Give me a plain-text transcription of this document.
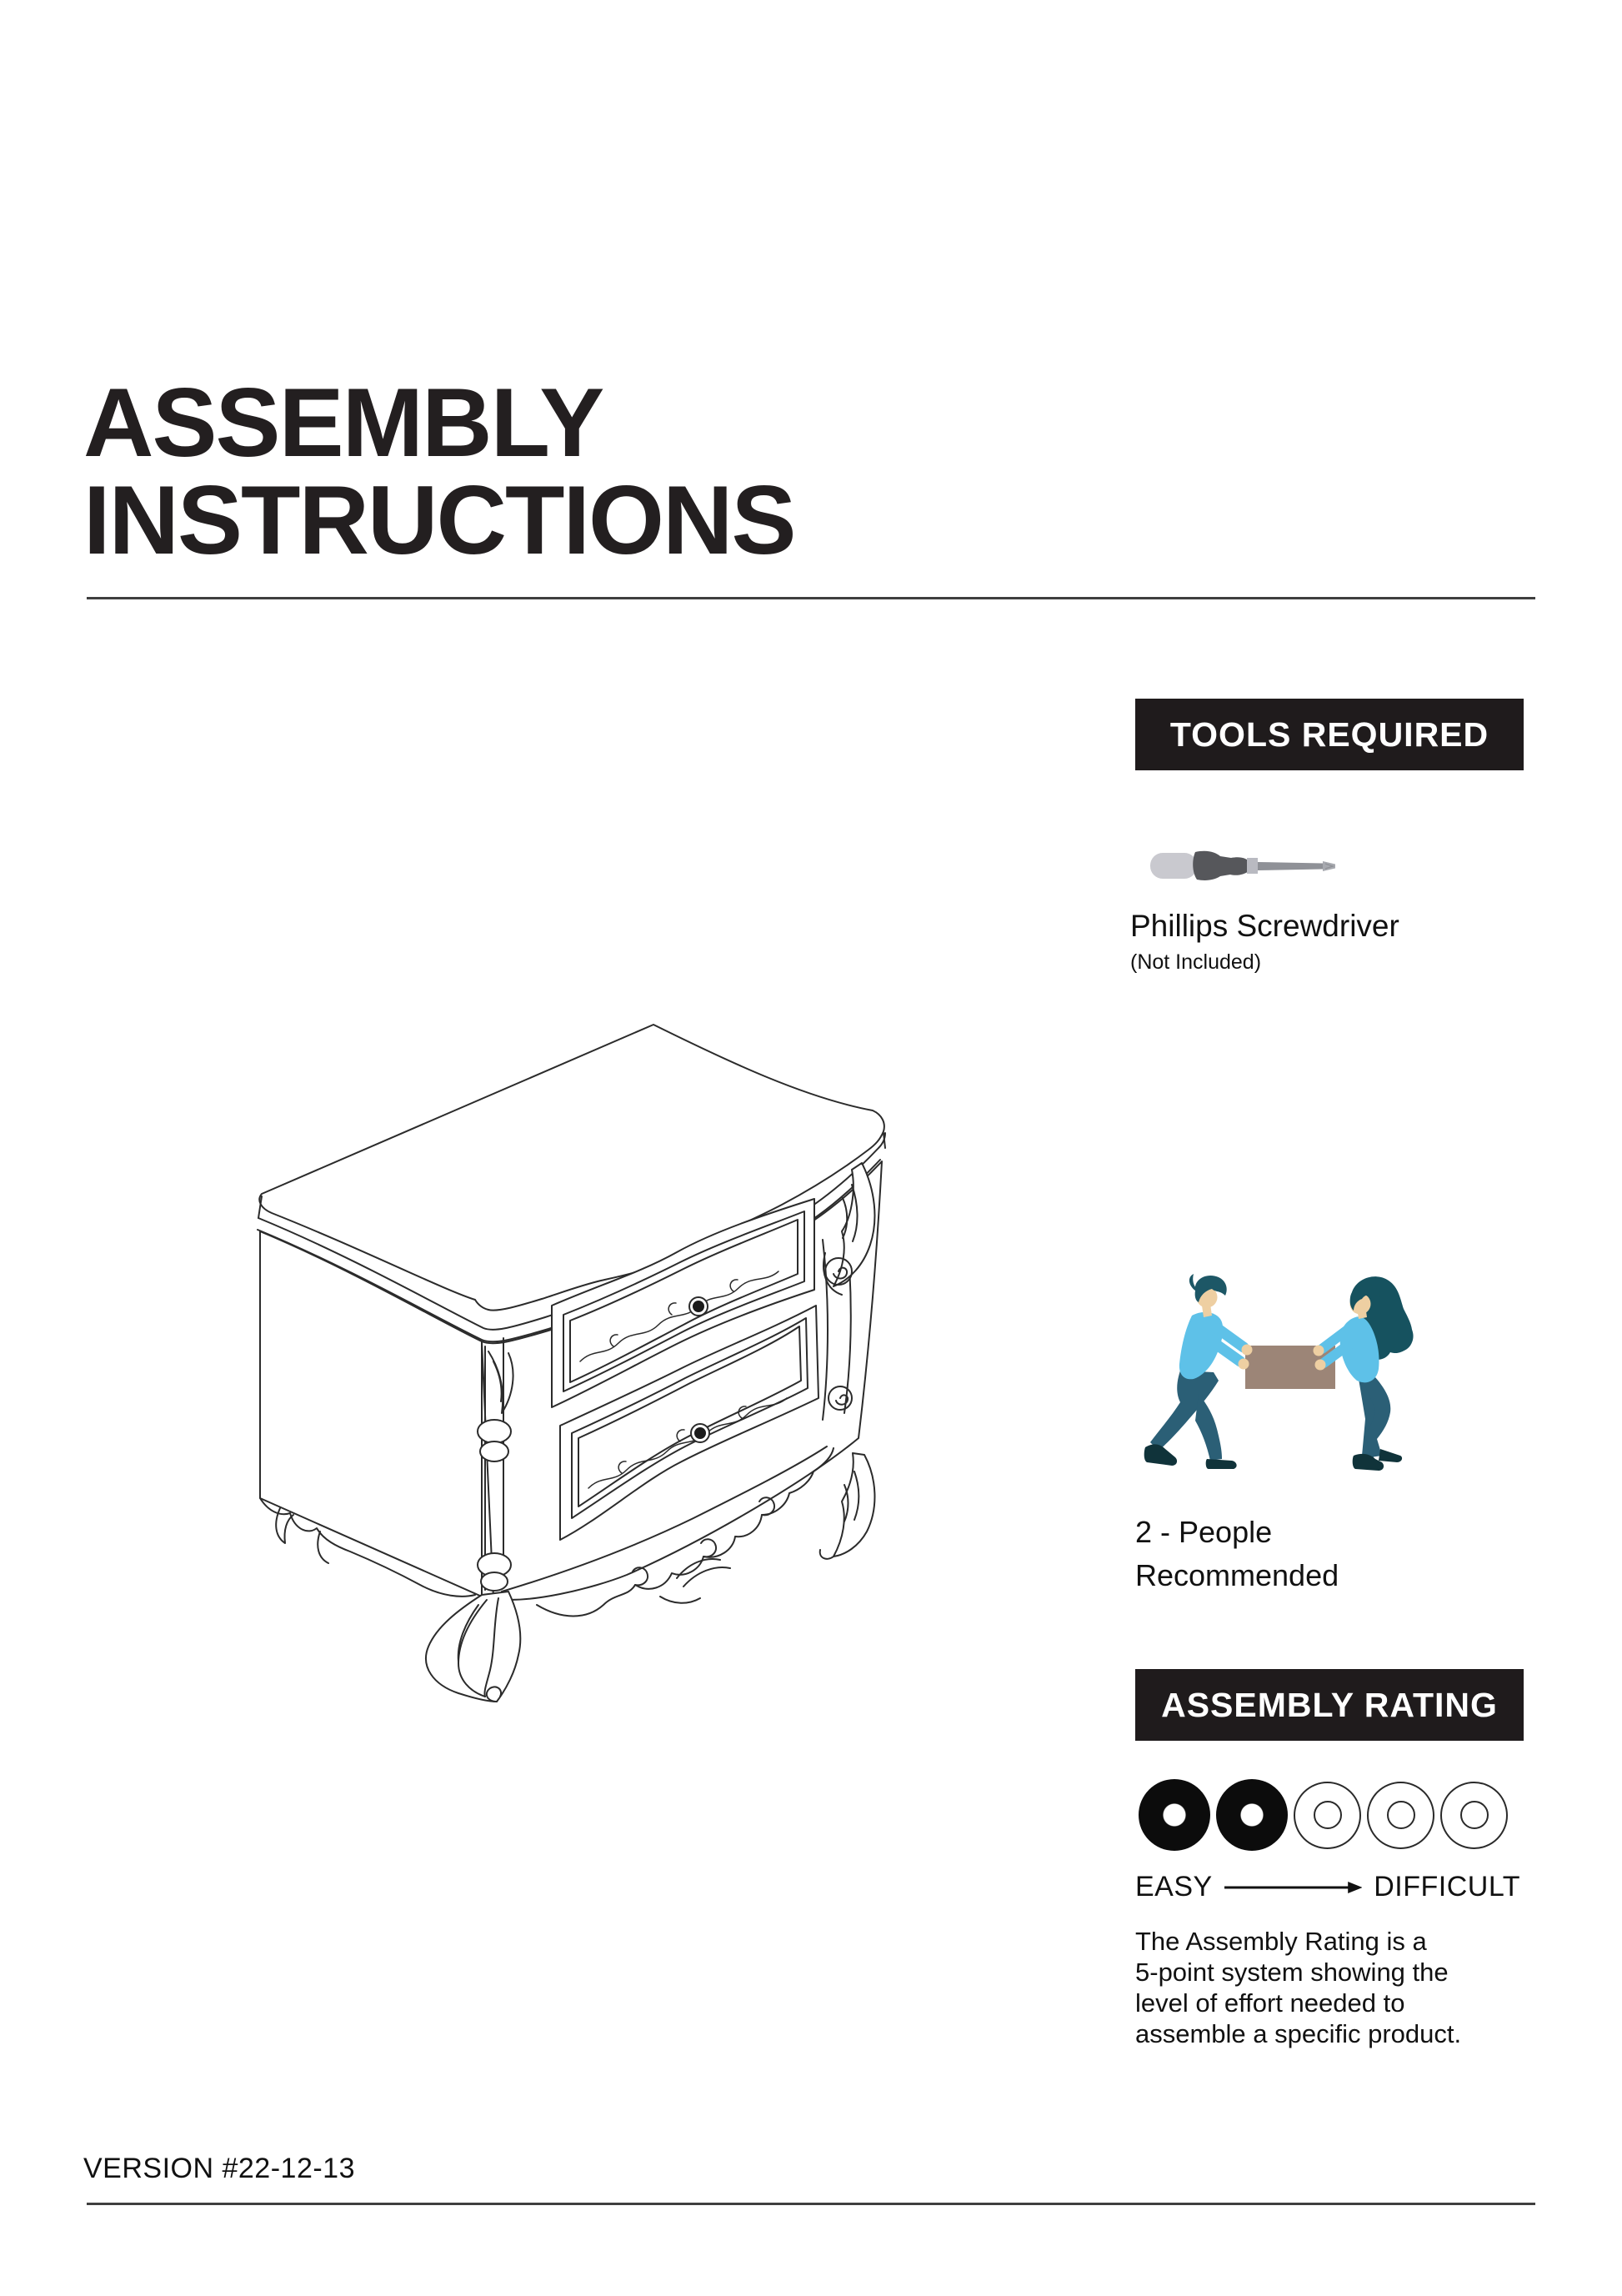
ASSEMBLY
INSTRUCTIONS
TOOLS REQUIRED
Phillips Screwdriver
(Not Included)
2 - People
Recommended
ASSEMBLY RATING
EASY	DIFFICULT
The Assembly Rating is a
5-point system showing the
level of effort needed to
assemble a specific product.
VERSION #22-12-13
